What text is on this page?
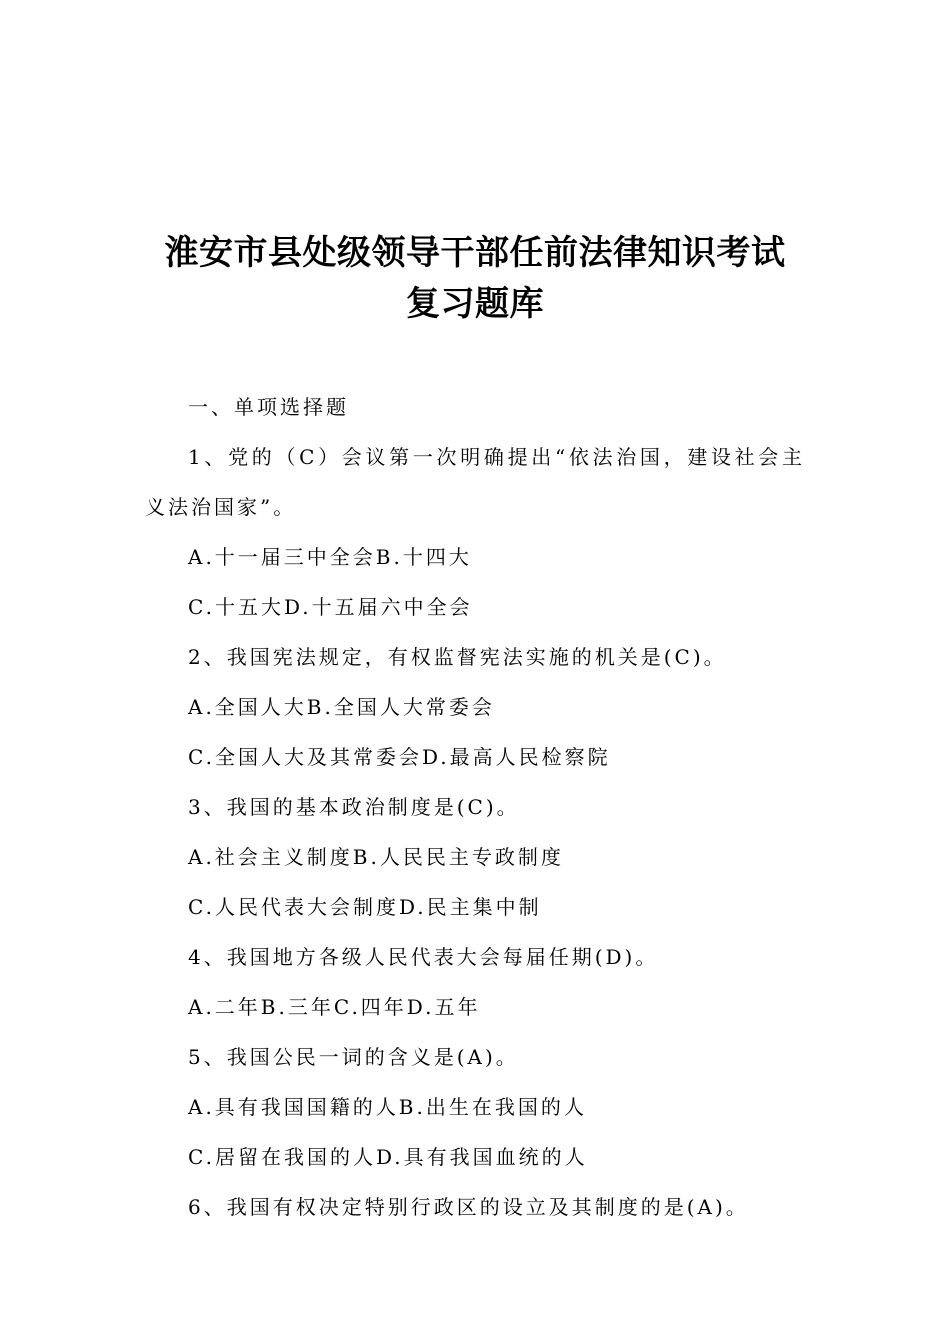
淮安市县处级领导干部任前法律知识考试
复习题库
一、单项选择题
1、党的（C）会议第一次明确提出“依法治国，建设社会主义法治国家”。
A.十一届三中全会B.十四大
C.十五大D.十五届六中全会
2、我国宪法规定，有权监督宪法实施的机关是(C)。
A.全国人大B.全国人大常委会
C.全国人大及其常委会D.最高人民检察院
3、我国的基本政治制度是(C)。
A.社会主义制度B.人民民主专政制度
C.人民代表大会制度D.民主集中制
4、我国地方各级人民代表大会每届任期(D)。
A.二年B.三年C.四年D.五年
5、我国公民一词的含义是(A)。
A.具有我国国籍的人B.出生在我国的人
C.居留在我国的人D.具有我国血统的人
6、我国有权决定特别行政区的设立及其制度的是(A)。
